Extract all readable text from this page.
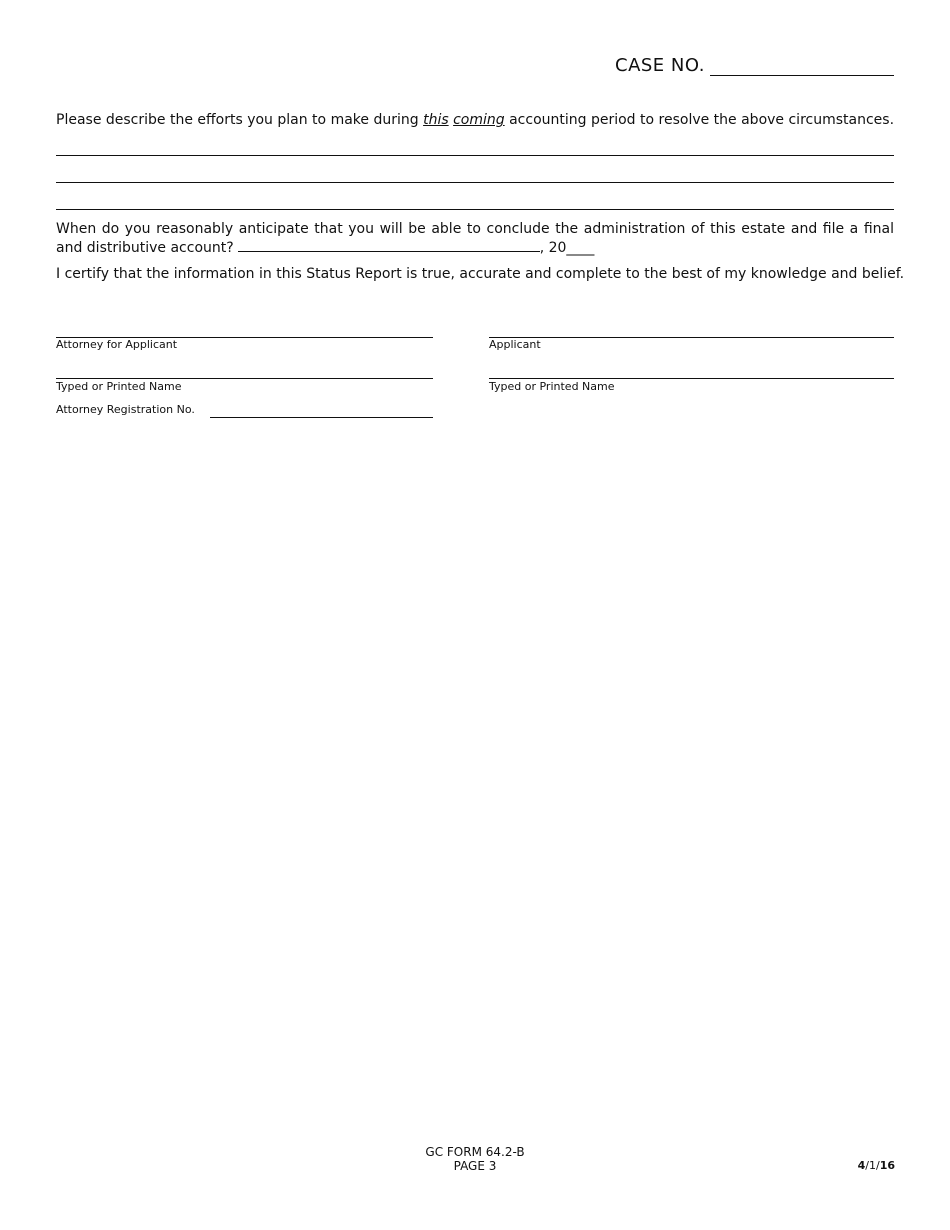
CASE NO.
Please describe the efforts you plan to make during this coming accounting period to resolve the above circumstances.
When do you reasonably anticipate that you will be able to conclude the administration of this estate and file a final and distributive account?	, 20____
I certify that the information in this Status Report is true, accurate and complete to the best of my knowledge and belief.
Attorney for Applicant
Typed or Printed Name
Attorney Registration No.
Applicant
Typed or Printed Name
GC FORM 64.2-B
PAGE 3	4/1/16
